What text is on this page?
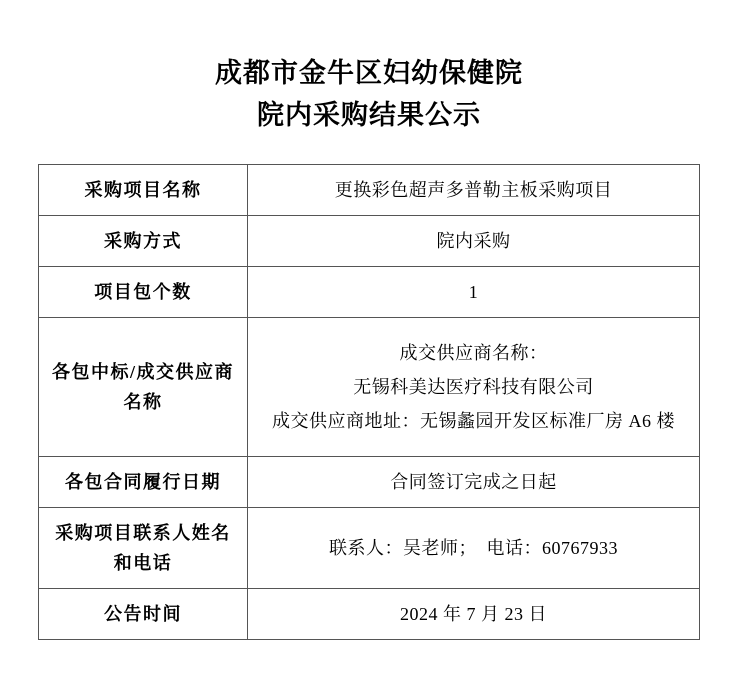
成都市金牛区妇幼保健院
院内采购结果公示
采购项目名称	更换彩色超声多普勒主板采购项目
采购方式	院内采购
项目包个数	1
各包中标/成交供应商名称	成交供应商名称：
无锡科美达医疗科技有限公司
成交供应商地址：无锡蠡园开发区标准厂房 A6 楼

各包合同履行日期	合同签订完成之日起
采购项目联系人姓名和电话	联系人：吴老师；　电话：60767933
公告时间	2024 年 7 月 23 日
